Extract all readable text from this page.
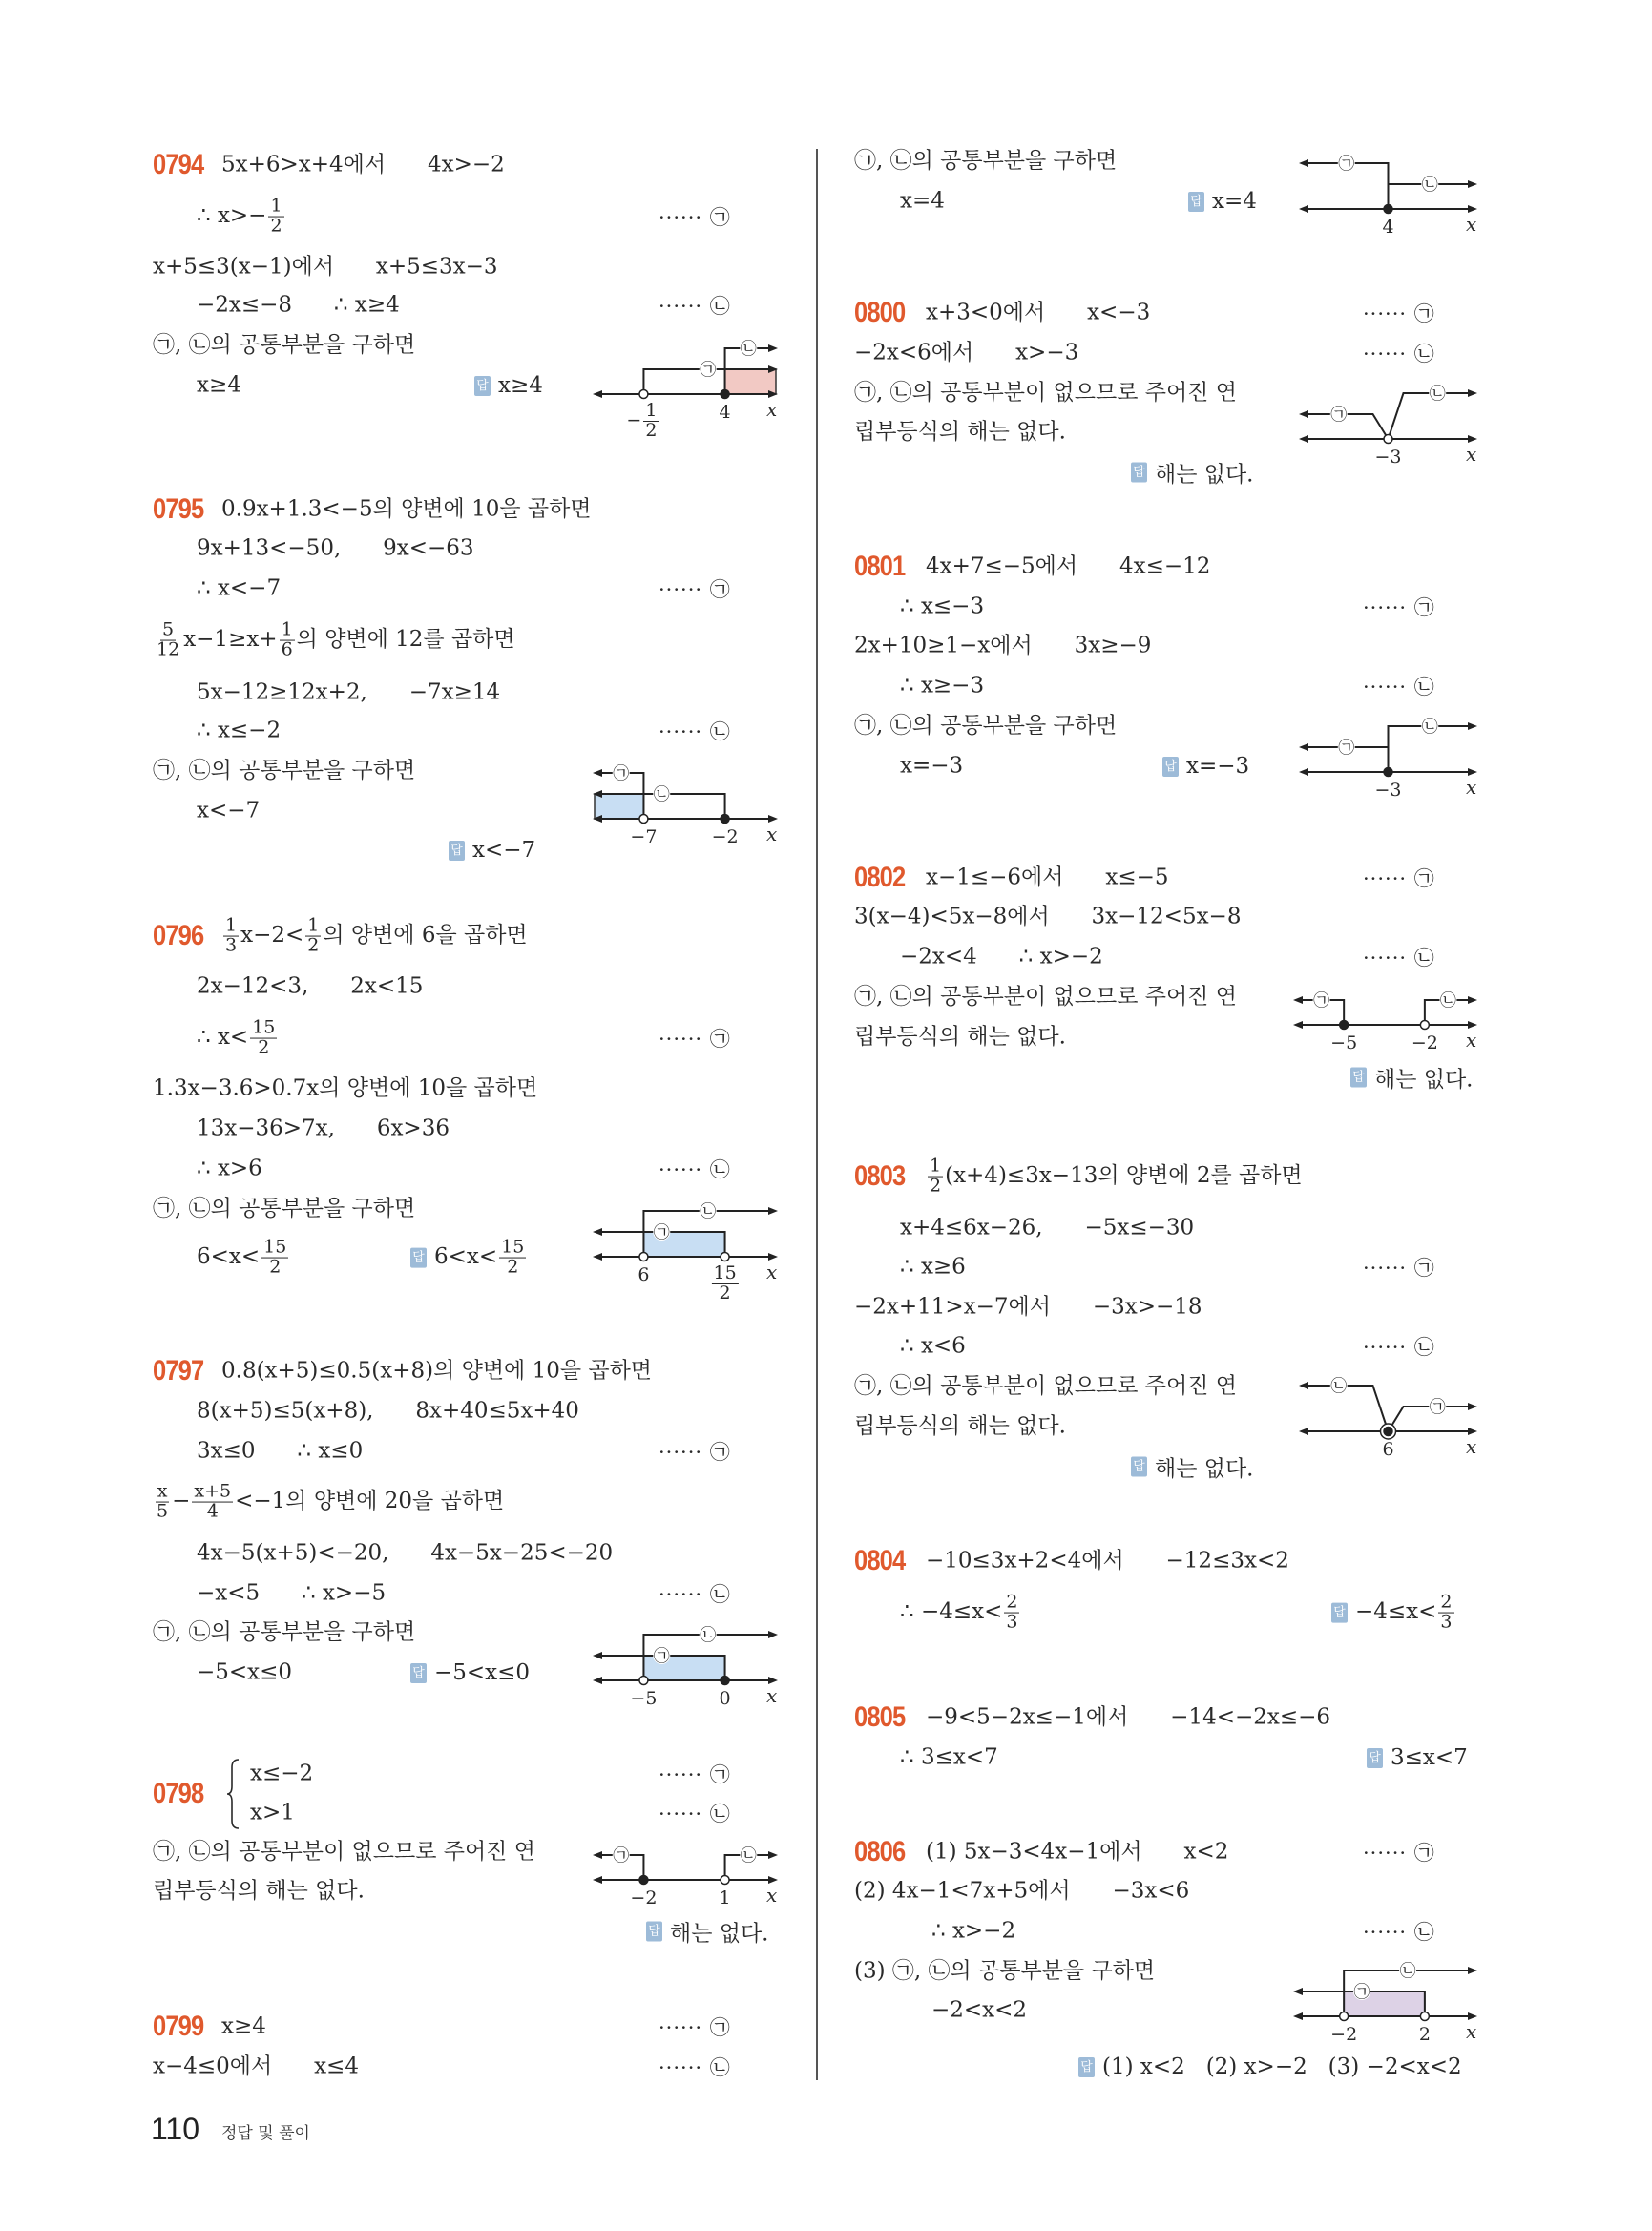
0794 5x+6>x+4에서      4x>−2
∴ $x>- \frac{1}{2}$	······ ㉠
x+5≤3(x−1)에서      x+5≤3x−3
−2x≤−8      ∴ x≥4	······ ㉡
㉠, ㉡의 공통부분을 구하면
x≥4	답 x≥4
㉠
㉡
− $\frac{1}{2}$	4 x
0795 0.9x+1.3<−5의 양변에 10을 곱하면
9x+13<−50,      9x<−63
∴ x<−7	······ ㉠
$\frac{5}{12} x-1\ge x+ \frac{1}{6}$ 의 양변에 12를 곱하면
5x−12≥12x+2,      −7x≥14
∴ x≤−2	······ ㉡
㉠, ㉡의 공통부분을 구하면
x<−7
답 x<−7
㉠
㉡
−7	−2 x
$0796 \frac{1}{3} x-2< \frac{1}{2}$ 의 양변에 6을 곱하면
2x−12<3,      2x<15
∴ $x< \frac{15}{2}$	······ ㉠
1.3x−3.6>0.7x의 양변에 10을 곱하면
13x−36>7x,      6x>36
∴ x>6	······ ㉡
㉠, ㉡의 공통부분을 구하면
$6<x< \frac{15}{2}$	답 $6<x< \frac{15}{2}$
㉠
㉡
6	$\frac{15}{2}$ x
0797 0.8(x+5)≤0.5(x+8)의 양변에 10을 곱하면
8(x+5)≤5(x+8),      8x+40≤5x+40
3x≤0      ∴ x≤0	······ ㉠
$\frac{x}{5} - \frac{x+5}{4} <-1$의 양변에 20을 곱하면
4x−5(x+5)<−20,      4x−5x−25<−20
−x<5      ∴ x>−5	······ ㉡
㉠, ㉡의 공통부분을 구하면
−5<x≤0	답 −5<x≤0
㉠
㉡
−5	0 x
0798
x≤−2	······ ㉠
x>1	······ ㉡
㉠, ㉡의 공통부분이 없으므로 주어진 연
립부등식의 해는 없다.
답 해는 없다.
㉠	㉡
−2	1 x
0799 x≥4	······ ㉠
x−4≤0에서      x≤4	······ ㉡
㉠, ㉡의 공통부분을 구하면
x=4	답 x=4
㉠
㉡
4	x
0800 x+3<0에서      x<−3	······ ㉠
−2x<6에서      x>−3	······ ㉡
㉠, ㉡의 공통부분이 없으므로 주어진 연
립부등식의 해는 없다.
답 해는 없다.
㉠
㉡
−3	x
0801 4x+7≤−5에서      4x≤−12
∴ x≤−3	······ ㉠
2x+10≥1−x에서      3x≥−9
∴ x≥−3	······ ㉡
㉠, ㉡의 공통부분을 구하면
x=−3	답 x=−3
㉠
㉡
−3	x
0802 x−1≤−6에서      x≤−5	······ ㉠
3(x−4)<5x−8에서      3x−12<5x−8
−2x<4      ∴ x>−2	······ ㉡
㉠, ㉡의 공통부분이 없으므로 주어진 연
립부등식의 해는 없다.
답 해는 없다.
㉠	㉡
−5	−2 x
$0803 \frac{1}{2} (x+4)\le 3x-13$의 양변에 2를 곱하면
x+4≤6x−26,      −5x≤−30
∴ x≥6	······ ㉠
−2x+11>x−7에서      −3x>−18
∴ x<6	······ ㉡
㉠, ㉡의 공통부분이 없으므로 주어진 연
립부등식의 해는 없다.
답 해는 없다.
㉡
㉠
6	x
0804 −10≤3x+2<4에서      −12≤3x<2
∴ $-4\le x< \frac{2}{3}$	답 $-4\le x< \frac{2}{3}$
0805 −9<5−2x≤−1에서      −14<−2x≤−6
∴ 3≤x<7	답 3≤x<7
0806 (1) 5x−3<4x−1에서      x<2	······ ㉠
(2) 4x−1<7x+5에서      −3x<6
∴ x>−2	······ ㉡
(3) ㉠, ㉡의 공통부분을 구하면
−2<x<2
답 (1) x<2   (2) x>−2   (3) −2<x<2
㉠
㉡
−2	2 x
110 정답 및 풀이
